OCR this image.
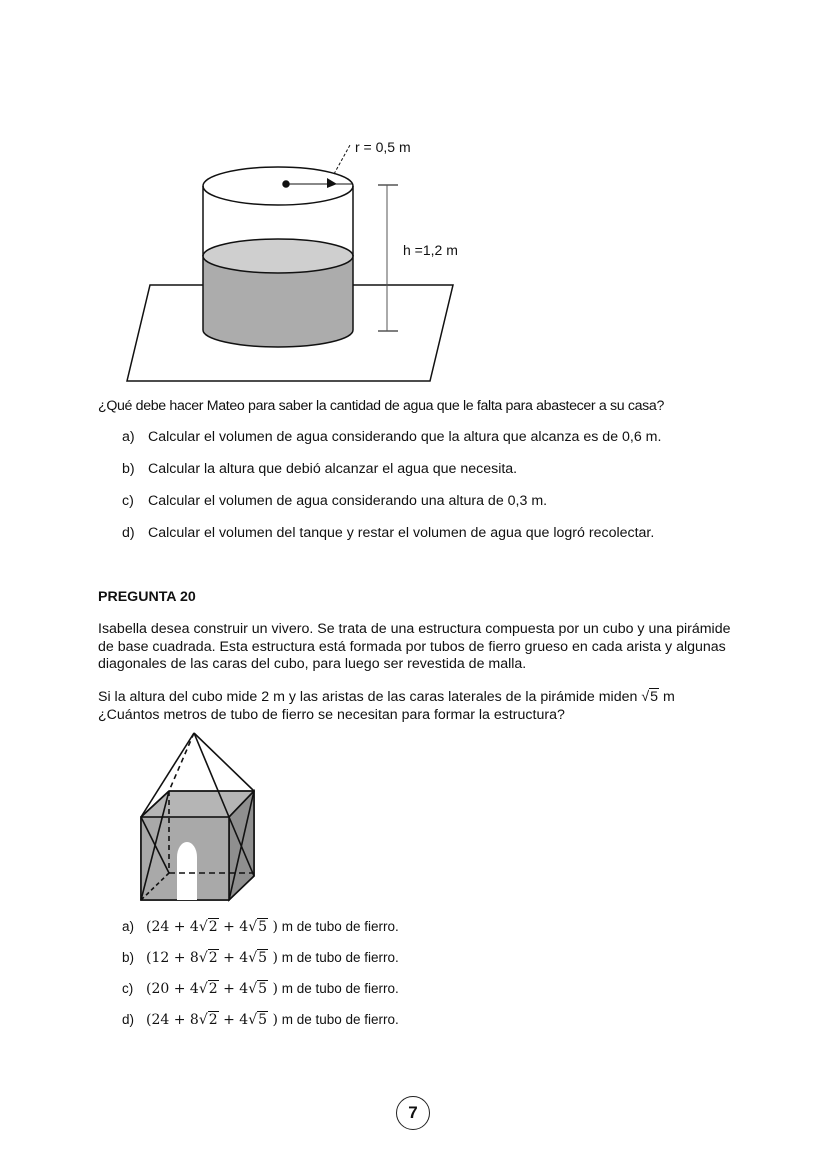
r = 0,5 m
h =1,2 m
¿Qué debe hacer Mateo para saber la cantidad de agua que le falta para abastecer a su casa?
a) Calcular el volumen de agua considerando que la altura que alcanza es de 0,6 m.
b) Calcular la altura que debió alcanzar el agua que necesita.
c) Calcular el volumen de agua considerando una altura de 0,3 m.
d) Calcular el volumen del tanque y restar el volumen de agua que logró recolectar.
PREGUNTA 20
Isabella desea construir un vivero. Se trata de una estructura compuesta por un cubo y una pirámide de base cuadrada. Esta estructura está formada por tubos de fierro grueso en cada arista y algunas diagonales de las caras del cubo, para luego ser revestida de malla.
Si la altura del cubo mide 2 m y las aristas de las caras laterales de la pirámide miden √5 m
¿Cuántos metros de tubo de fierro se necesitan para formar la estructura?
a) (24 + 4√2 + 4√5 ) m de tubo de fierro.
b) (12 + 8√2 + 4√5 ) m de tubo de fierro.
c) (20 + 4√2 + 4√5 ) m de tubo de fierro.
d) (24 + 8√2 + 4√5 ) m de tubo de fierro.
7
